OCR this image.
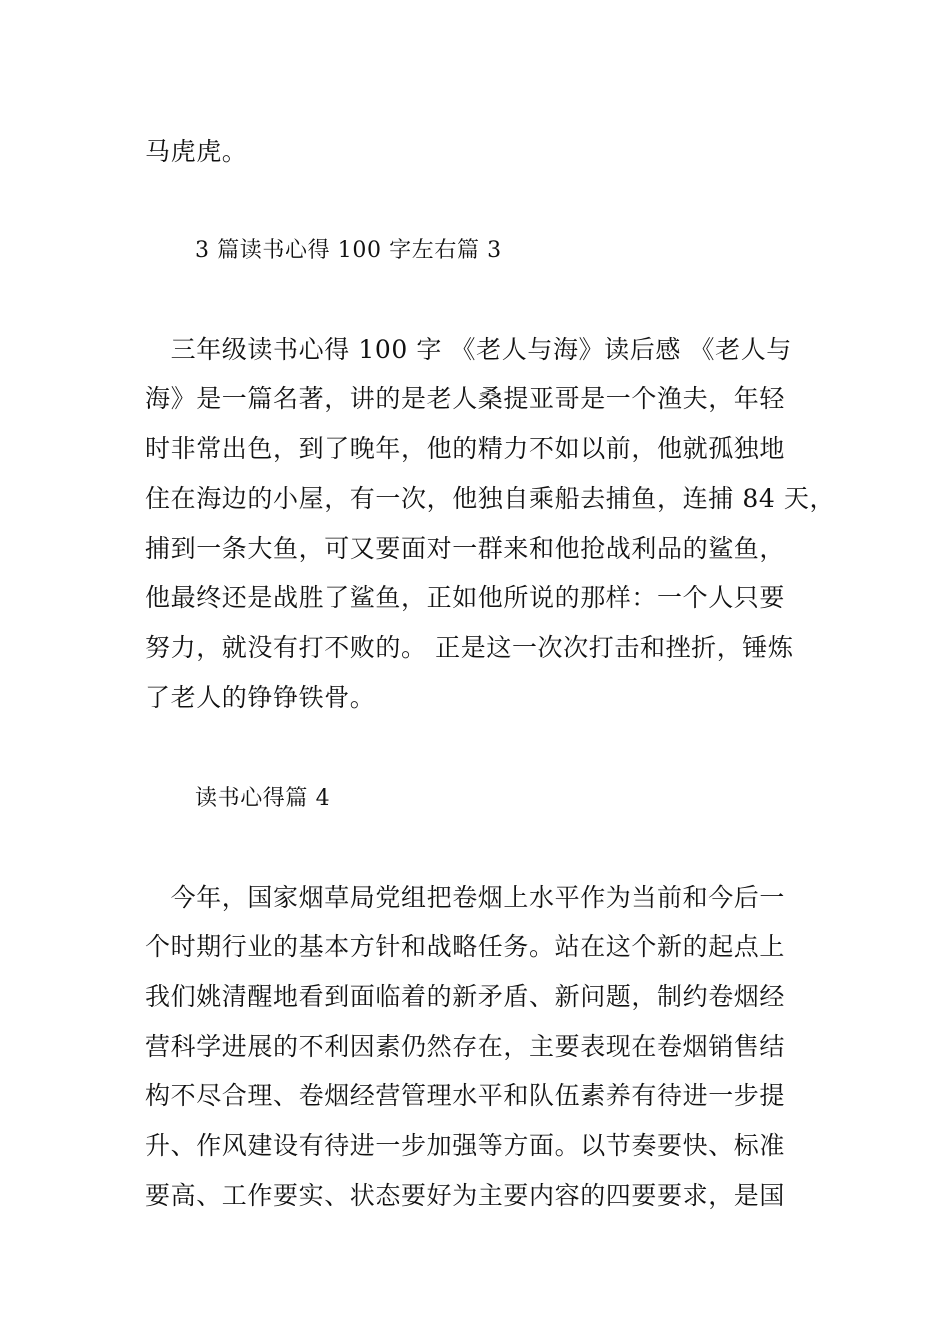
马虎虎。
3 篇读书心得 100 字左右篇 3
　三年级读书心得 100 字 《老人与海》读后感 《老人与
海》是一篇名著，讲的是老人桑提亚哥是一个渔夫，年轻
时非常出色，到了晚年，他的精力不如以前，他就孤独地
住在海边的小屋，有一次，他独自乘船去捕鱼，连捕 84 天，
捕到一条大鱼，可又要面对一群来和他抢战利品的鲨鱼，
他最终还是战胜了鲨鱼，正如他所说的那样：一个人只要
努力，就没有打不败的。 正是这一次次打击和挫折，锤炼
了老人的铮铮铁骨。
读书心得篇 4
　今年，国家烟草局党组把卷烟上水平作为当前和今后一
个时期行业的基本方针和战略任务。站在这个新的起点上
我们姚清醒地看到面临着的新矛盾、新问题，制约卷烟经
营科学进展的不利因素仍然存在，主要表现在卷烟销售结
构不尽合理、卷烟经营管理水平和队伍素养有待进一步提
升、作风建设有待进一步加强等方面。以节奏要快、标准
要高、工作要实、状态要好为主要内容的四要要求，是国
